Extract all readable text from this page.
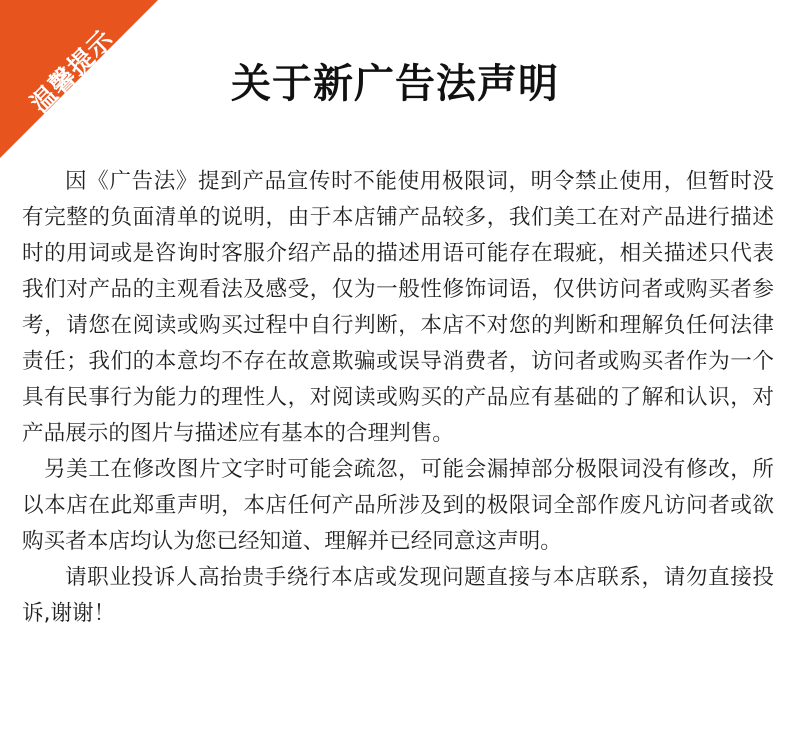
温馨提示	关于新广告法声明

因《广告法》提到产品宣传时不能使用极限词，明令禁止使用，但暂时没有完整的负面清单的说明，由于本店铺产品较多，我们美工在对产品进行描述时的用词或是咨询时客服介绍产品的描述用语可能存在瑕疵，相关描述只代表我们对产品的主观看法及感受，仅为一般性修饰词语，仅供访问者或购买者参考，请您在阅读或购买过程中自行判断，本店不对您的判断和理解负任何法律责任；我们的本意均不存在故意欺骗或误导消费者，访问者或购买者作为一个具有民事行为能力的理性人，对阅读或购买的产品应有基础的了解和认识，对产品展示的图片与描述应有基本的合理判售。

另美工在修改图片文字时可能会疏忽，可能会漏掉部分极限词没有修改，所以本店在此郑重声明，本店任何产品所涉及到的极限词全部作废凡访问者或欲购买者本店均认为您已经知道、理解并已经同意这声明。

请职业投诉人高抬贵手绕行本店或发现问题直接与本店联系，请勿直接投诉,谢谢！
